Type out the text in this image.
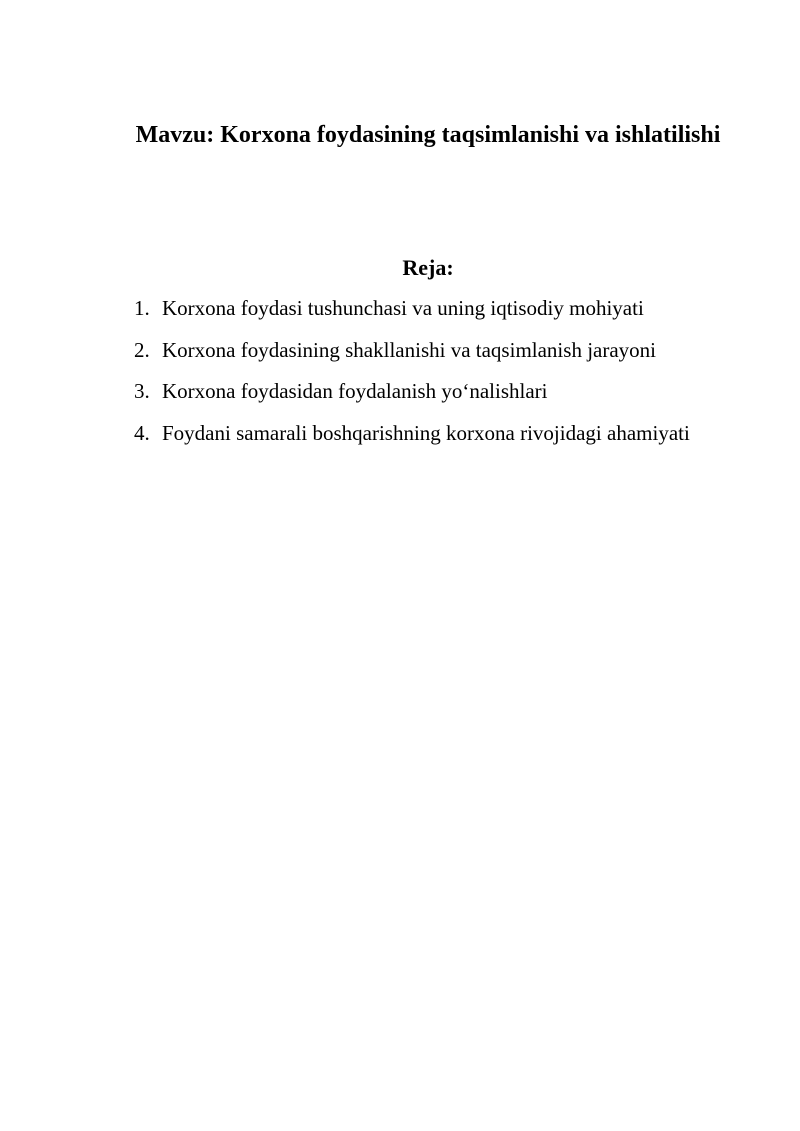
Mavzu: Korxona foydasining taqsimlanishi va ishlatilishi
Reja:
1. Korxona foydasi tushunchasi va uning iqtisodiy mohiyati
2. Korxona foydasining shakllanishi va taqsimlanish jarayoni
3. Korxona foydasidan foydalanish yo‘nalishlari
4. Foydani samarali boshqarishning korxona rivojidagi ahamiyati
